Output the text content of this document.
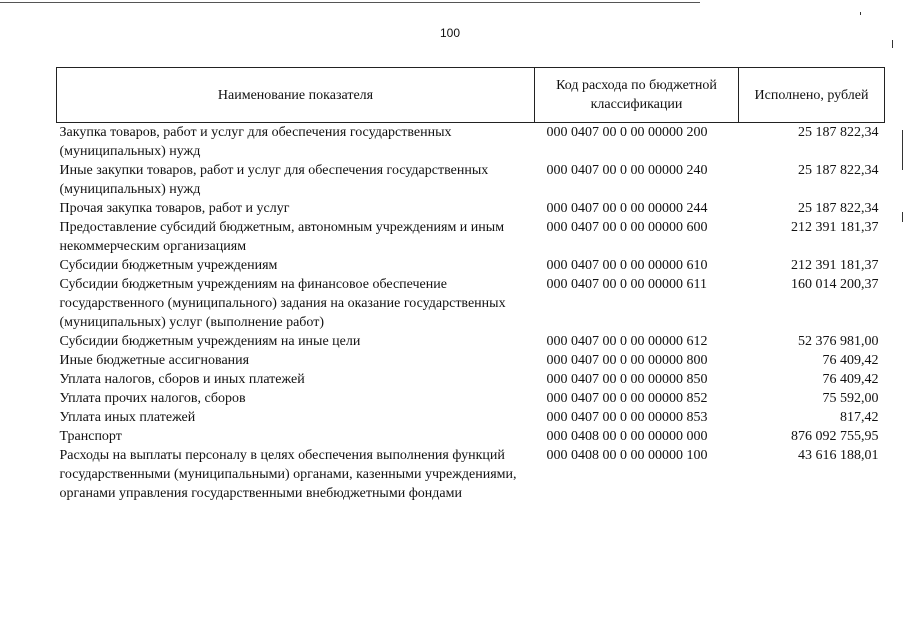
100
Наименование показателя	Код расхода по бюджетной классификации	Исполнено, рублей
Закупка товаров, работ и услуг для обеспечения государственных (муниципальных) нужд	000 0407 00 0 00 00000 200	25 187 822,34
Иные закупки товаров, работ и услуг для обеспечения государственных (муниципальных) нужд	000 0407 00 0 00 00000 240	25 187 822,34
Прочая закупка товаров, работ и услуг	000 0407 00 0 00 00000 244	25 187 822,34
Предоставление субсидий бюджетным, автономным учреждениям и иным некоммерческим организациям	000 0407 00 0 00 00000 600	212 391 181,37
Субсидии бюджетным учреждениям	000 0407 00 0 00 00000 610	212 391 181,37
Субсидии бюджетным учреждениям на финансовое обеспечение государственного (муниципального) задания на оказание государственных (муниципальных) услуг (выполнение работ)	000 0407 00 0 00 00000 611	160 014 200,37
Субсидии бюджетным учреждениям на иные цели	000 0407 00 0 00 00000 612	52 376 981,00
Иные бюджетные ассигнования	000 0407 00 0 00 00000 800	76 409,42
Уплата налогов, сборов и иных платежей	000 0407 00 0 00 00000 850	76 409,42
Уплата прочих налогов, сборов	000 0407 00 0 00 00000 852	75 592,00
Уплата иных платежей	000 0407 00 0 00 00000 853	817,42
Транспорт	000 0408 00 0 00 00000 000	876 092 755,95
Расходы на выплаты персоналу в целях обеспечения выполнения функций государственными (муниципальными) органами, казенными учреждениями, органами управления государственными внебюджетными фондами	000 0408 00 0 00 00000 100	43 616 188,01
